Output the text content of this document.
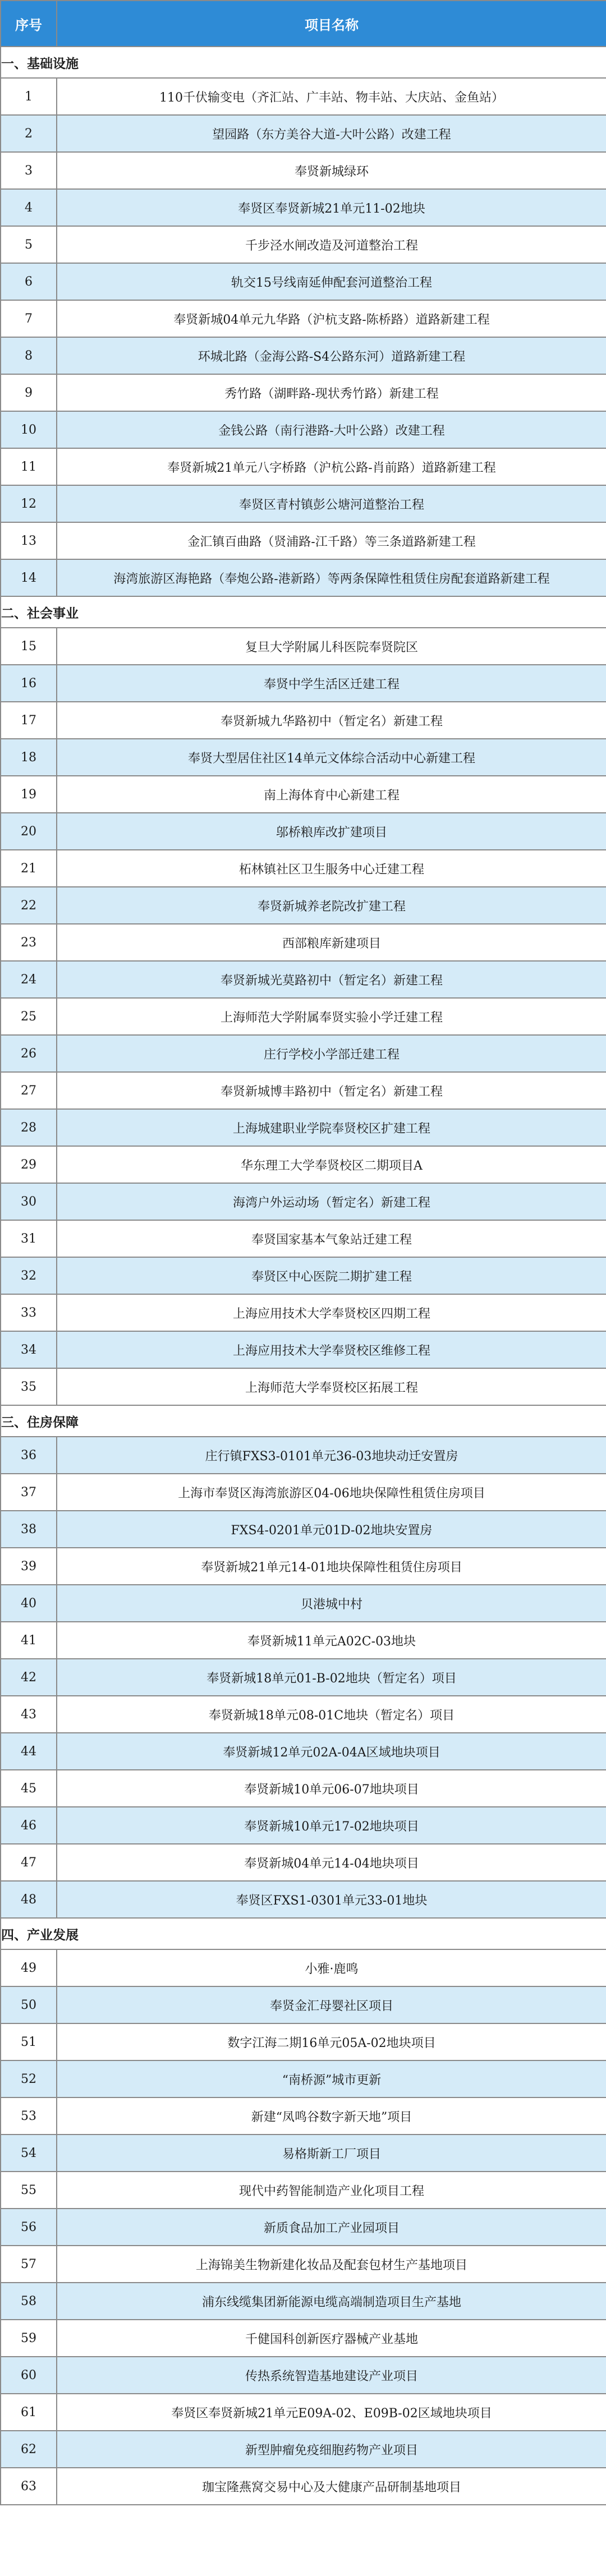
序号	项目名称
一、基础设施	
1	110千伏输变电（齐汇站、广丰站、物丰站、大庆站、金鱼站）
2	望园路（东方美谷大道-大叶公路）改建工程
3	奉贤新城绿环
4	奉贤区奉贤新城21单元11-02地块
5	千步泾水闸改造及河道整治工程
6	轨交15号线南延伸配套河道整治工程
7	奉贤新城04单元九华路（沪杭支路-陈桥路）道路新建工程
8	环城北路（金海公路-S4公路东河）道路新建工程
9	秀竹路（湖畔路-现状秀竹路）新建工程
10	金钱公路（南行港路-大叶公路）改建工程
11	奉贤新城21单元八字桥路（沪杭公路-肖前路）道路新建工程
12	奉贤区青村镇彭公塘河道整治工程
13	金汇镇百曲路（贤浦路-江千路）等三条道路新建工程
14	海湾旅游区海艳路（奉炮公路-港新路）等两条保障性租赁住房配套道路新建工程
二、社会事业	
15	复旦大学附属儿科医院奉贤院区
16	奉贤中学生活区迁建工程
17	奉贤新城九华路初中（暂定名）新建工程
18	奉贤大型居住社区14单元文体综合活动中心新建工程
19	南上海体育中心新建工程
20	邬桥粮库改扩建项目
21	柘林镇社区卫生服务中心迁建工程
22	奉贤新城养老院改扩建工程
23	西部粮库新建项目
24	奉贤新城光莫路初中（暂定名）新建工程
25	上海师范大学附属奉贤实验小学迁建工程
26	庄行学校小学部迁建工程
27	奉贤新城博丰路初中（暂定名）新建工程
28	上海城建职业学院奉贤校区扩建工程
29	华东理工大学奉贤校区二期项目A
30	海湾户外运动场（暂定名）新建工程
31	奉贤国家基本气象站迁建工程
32	奉贤区中心医院二期扩建工程
33	上海应用技术大学奉贤校区四期工程
34	上海应用技术大学奉贤校区维修工程
35	上海师范大学奉贤校区拓展工程
三、住房保障	
36	庄行镇FXS3-0101单元36-03地块动迁安置房
37	上海市奉贤区海湾旅游区04-06地块保障性租赁住房项目
38	FXS4-0201单元01D-02地块安置房
39	奉贤新城21单元14-01地块保障性租赁住房项目
40	贝港城中村
41	奉贤新城11单元A02C-03地块
42	奉贤新城18单元01-B-02地块（暂定名）项目
43	奉贤新城18单元08-01C地块（暂定名）项目
44	奉贤新城12单元02A-04A区域地块项目
45	奉贤新城10单元06-07地块项目
46	奉贤新城10单元17-02地块项目
47	奉贤新城04单元14-04地块项目
48	奉贤区FXS1-0301单元33-01地块
四、产业发展	
49	小雅·鹿鸣
50	奉贤金汇母婴社区项目
51	数字江海二期16单元05A-02地块项目
52	“南桥源”城市更新
53	新建“凤鸣谷数字新天地”项目
54	易格斯新工厂项目
55	现代中药智能制造产业化项目工程
56	新质食品加工产业园项目
57	上海锦美生物新建化妆品及配套包材生产基地项目
58	浦东线缆集团新能源电缆高端制造项目生产基地
59	千健国科创新医疗器械产业基地
60	传热系统智造基地建设产业项目
61	奉贤区奉贤新城21单元E09A-02、E09B-02区域地块项目
62	新型肿瘤免疫细胞药物产业项目
63	珈宝隆燕窝交易中心及大健康产品研制基地项目
